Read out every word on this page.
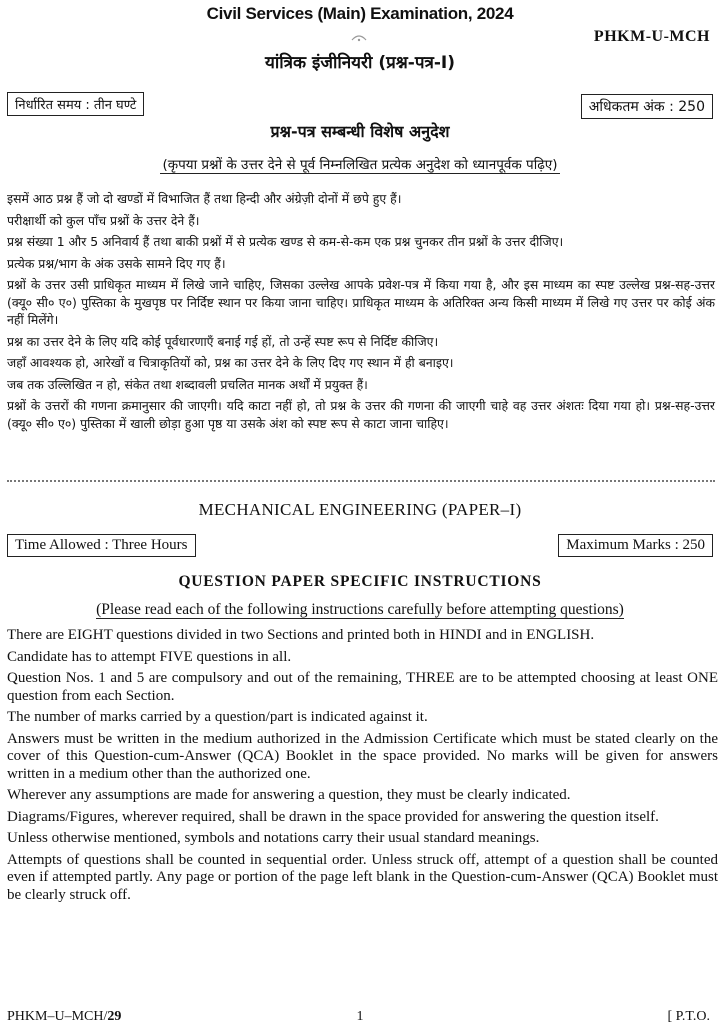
Civil Services (Main) Examination, 2024
PHKM-U-MCH
यांत्रिक इंजीनियरी (प्रश्न-पत्र-I)
निर्धारित समय : तीन घण्टे	अधिकतम अंक : 250
प्रश्न-पत्र सम्बन्धी विशेष अनुदेश
(कृपया प्रश्नों के उत्तर देने से पूर्व निम्नलिखित प्रत्येक अनुदेश को ध्यानपूर्वक पढ़िए)

इसमें आठ प्रश्न हैं जो दो खण्डों में विभाजित हैं तथा हिन्दी और अंग्रेज़ी दोनों में छपे हुए हैं।

परीक्षार्थी को कुल पाँच प्रश्नों के उत्तर देने हैं।

प्रश्न संख्या 1 और 5 अनिवार्य हैं तथा बाकी प्रश्नों में से प्रत्येक खण्ड से कम-से-कम एक प्रश्न चुनकर तीन प्रश्नों के उत्तर दीजिए।

प्रत्येक प्रश्न/भाग के अंक उसके सामने दिए गए हैं।

प्रश्नों के उत्तर उसी प्राधिकृत माध्यम में लिखे जाने चाहिए, जिसका उल्लेख आपके प्रवेश-पत्र में किया गया है, और इस माध्यम का स्पष्ट उल्लेख प्रश्न-सह-उत्तर (क्यू० सी० ए०) पुस्तिका के मुखपृष्ठ पर निर्दिष्ट स्थान पर किया जाना चाहिए। प्राधिकृत माध्यम के अतिरिक्त अन्य किसी माध्यम में लिखे गए उत्तर पर कोई अंक नहीं मिलेंगे।

प्रश्न का उत्तर देने के लिए यदि कोई पूर्वधारणाएँ बनाई गई हों, तो उन्हें स्पष्ट रूप से निर्दिष्ट कीजिए।

जहाँ आवश्यक हो, आरेखों व चित्राकृतियों को, प्रश्न का उत्तर देने के लिए दिए गए स्थान में ही बनाइए।

जब तक उल्लिखित न हो, संकेत तथा शब्दावली प्रचलित मानक अर्थों में प्रयुक्त हैं।

प्रश्नों के उत्तरों की गणना क्रमानुसार की जाएगी। यदि काटा नहीं हो, तो प्रश्न के उत्तर की गणना की जाएगी चाहे वह उत्तर अंशतः दिया गया हो। प्रश्न-सह-उत्तर (क्यू० सी० ए०) पुस्तिका में खाली छोड़ा हुआ पृष्ठ या उसके अंश को स्पष्ट रूप से काटा जाना चाहिए।

MECHANICAL ENGINEERING (PAPER–I)
Time Allowed : Three Hours	Maximum Marks : 250
QUESTION PAPER SPECIFIC INSTRUCTIONS
(Please read each of the following instructions carefully before attempting questions)

There are EIGHT questions divided in two Sections and printed both in HINDI and in ENGLISH.

Candidate has to attempt FIVE questions in all.

Question Nos. 1 and 5 are compulsory and out of the remaining, THREE are to be attempted choosing at least ONE question from each Section.

The number of marks carried by a question/part is indicated against it.

Answers must be written in the medium authorized in the Admission Certificate which must be stated clearly on the cover of this Question-cum-Answer (QCA) Booklet in the space provided. No marks will be given for answers written in a medium other than the authorized one.

Wherever any assumptions are made for answering a question, they must be clearly indicated.

Diagrams/Figures, wherever required, shall be drawn in the space provided for answering the question itself.

Unless otherwise mentioned, symbols and notations carry their usual standard meanings.

Attempts of questions shall be counted in sequential order. Unless struck off, attempt of a question shall be counted even if attempted partly. Any page or portion of the page left blank in the Question-cum-Answer (QCA) Booklet must be clearly struck off.

PHKM–U–MCH/29	1	[ P.T.O.
